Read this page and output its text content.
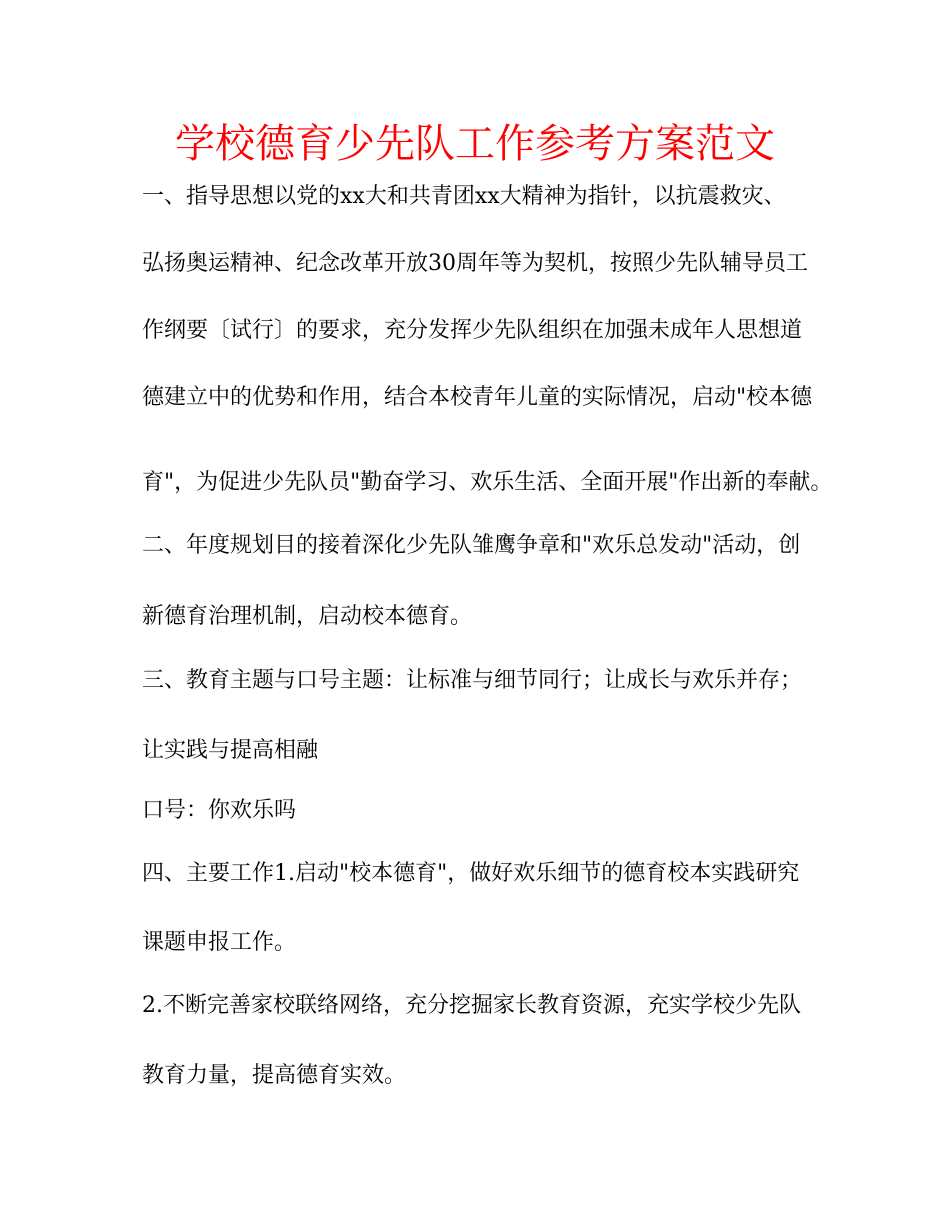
学校德育少先队工作参考方案范文

一、指导思想以党的xx大和共青团xx大精神为指针，以抗震救灾、

弘扬奥运精神、纪念改革开放30周年等为契机，按照少先队辅导员工

作纲要〔试行〕的要求，充分发挥少先队组织在加强未成年人思想道

德建立中的优势和作用，结合本校青年儿童的实际情况，启动"校本德

育"，为促进少先队员"勤奋学习、欢乐生活、全面开展"作出新的奉献。

二、年度规划目的接着深化少先队雏鹰争章和"欢乐总发动"活动，创

新德育治理机制，启动校本德育。

三、教育主题与口号主题：让标准与细节同行；让成长与欢乐并存；

让实践与提高相融

口号：你欢乐吗

四、主要工作1.启动"校本德育"，做好欢乐细节的德育校本实践研究

课题申报工作。

2.不断完善家校联络网络，充分挖掘家长教育资源，充实学校少先队

教育力量，提高德育实效。
